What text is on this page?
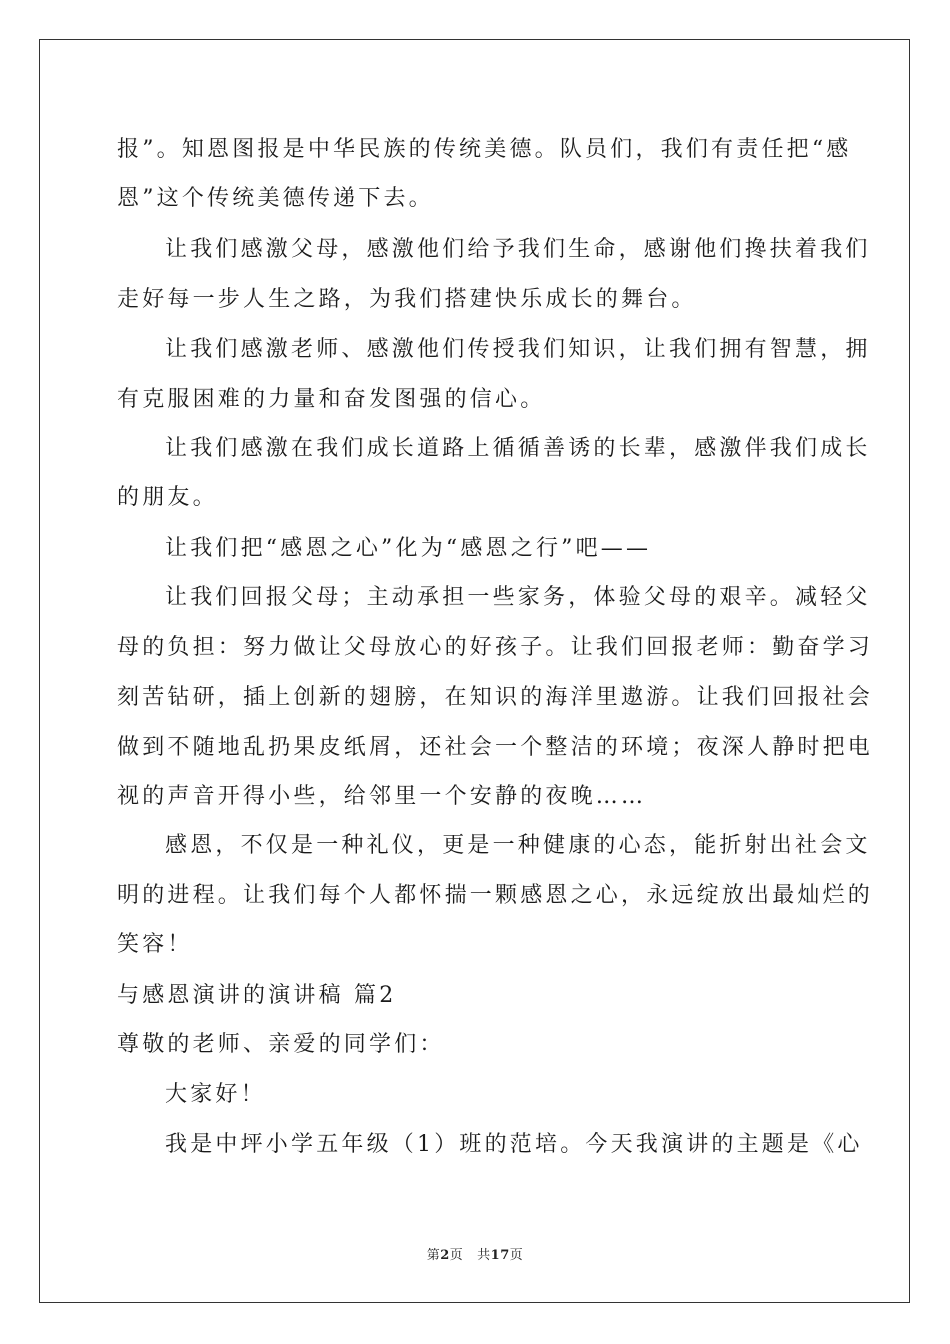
报”。知恩图报是中华民族的传统美德。队员们，我们有责任把“感
恩”这个传统美德传递下去。
让我们感激父母，感激他们给予我们生命，感谢他们搀扶着我们
走好每一步人生之路，为我们搭建快乐成长的舞台。
让我们感激老师、感激他们传授我们知识，让我们拥有智慧，拥
有克服困难的力量和奋发图强的信心。
让我们感激在我们成长道路上循循善诱的长辈，感激伴我们成长
的朋友。
让我们把“感恩之心”化为“感恩之行”吧——
让我们回报父母；主动承担一些家务，体验父母的艰辛。减轻父
母的负担：努力做让父母放心的好孩子。让我们回报老师：勤奋学习
刻苦钻研，插上创新的翅膀，在知识的海洋里遨游。让我们回报社会
做到不随地乱扔果皮纸屑，还社会一个整洁的环境；夜深人静时把电
视的声音开得小些，给邻里一个安静的夜晚……
感恩，不仅是一种礼仪，更是一种健康的心态，能折射出社会文
明的进程。让我们每个人都怀揣一颗感恩之心，永远绽放出最灿烂的
笑容！
与感恩演讲的演讲稿 篇2
尊敬的老师、亲爱的同学们：
大家好！
我是中坪小学五年级（1）班的范培。今天我演讲的主题是《心
第2页   共17页
